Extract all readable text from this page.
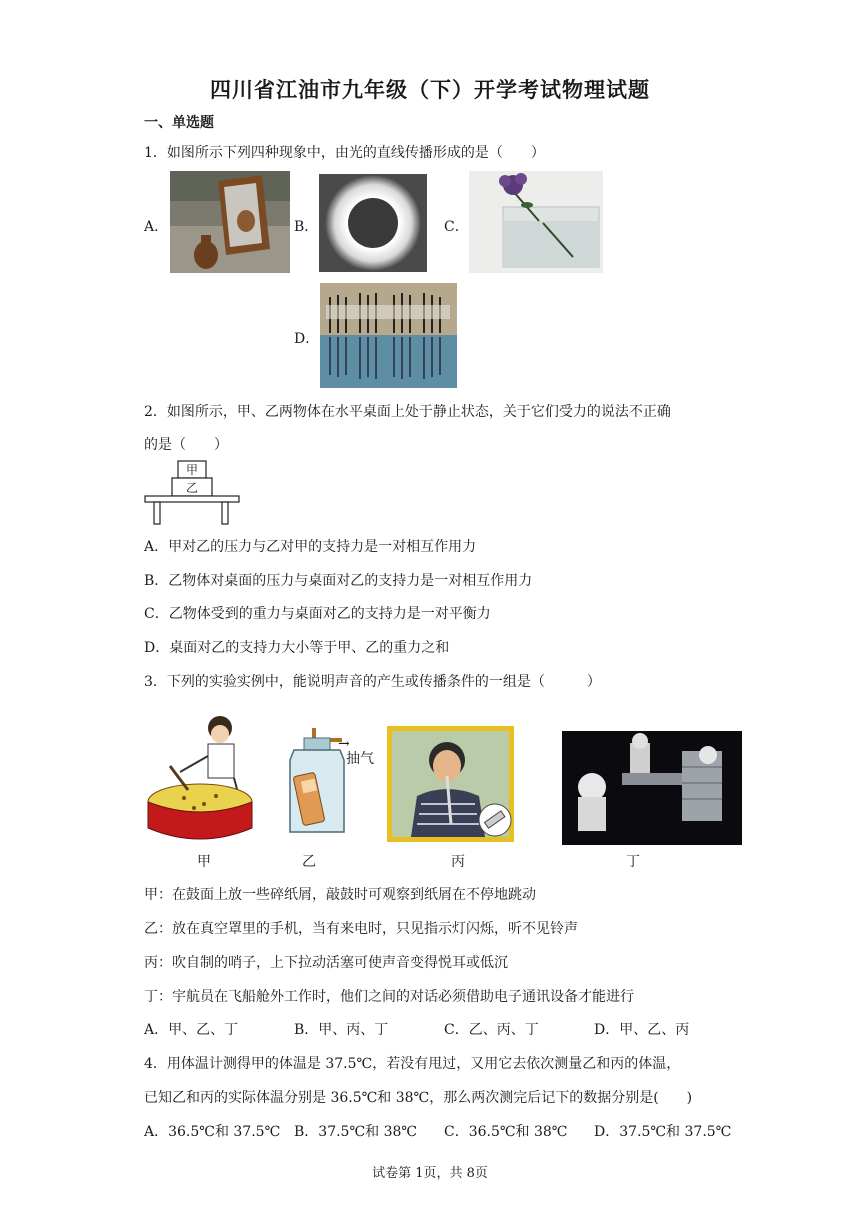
四川省江油市九年级（下）开学考试物理试题
一、单选题
1．如图所示下列四种现象中，由光的直线传播形成的是（　　）
A．	B．	C．
D．
2．如图所示，甲、乙两物体在水平桌面上处于静止状态，关于它们受力的说法不正确
的是（　　）
甲
乙
A．甲对乙的压力与乙对甲的支持力是一对相互作用力
B．乙物体对桌面的压力与桌面对乙的支持力是一对相互作用力
C．乙物体受到的重力与桌面对乙的支持力是一对平衡力
D．桌面对乙的支持力大小等于甲、乙的重力之和
3．下列的实验实例中，能说明声音的产生或传播条件的一组是（　　　）
抽气
→
甲	乙	丙	丁
甲：在鼓面上放一些碎纸屑，敲鼓时可观察到纸屑在不停地跳动
乙：放在真空罩里的手机，当有来电时，只见指示灯闪烁，听不见铃声
丙：吹自制的哨子，上下拉动活塞可使声音变得悦耳或低沉
丁：宇航员在飞船舱外工作时，他们之间的对话必须借助电子通讯设备才能进行
A．甲、乙、丁	B．甲、丙、丁	C．乙、丙、丁	D．甲、乙、丙
4．用体温计测得甲的体温是 37.5℃，若没有甩过，又用它去依次测量乙和丙的体温，
已知乙和丙的实际体温分别是 36.5℃和 38℃，那么两次测完后记下的数据分别是(　　)
A．36.5℃和 37.5℃ B．37.5℃和 38℃ C．36.5℃和 38℃ D．37.5℃和 37.5℃
试卷第 1页，共 8页
